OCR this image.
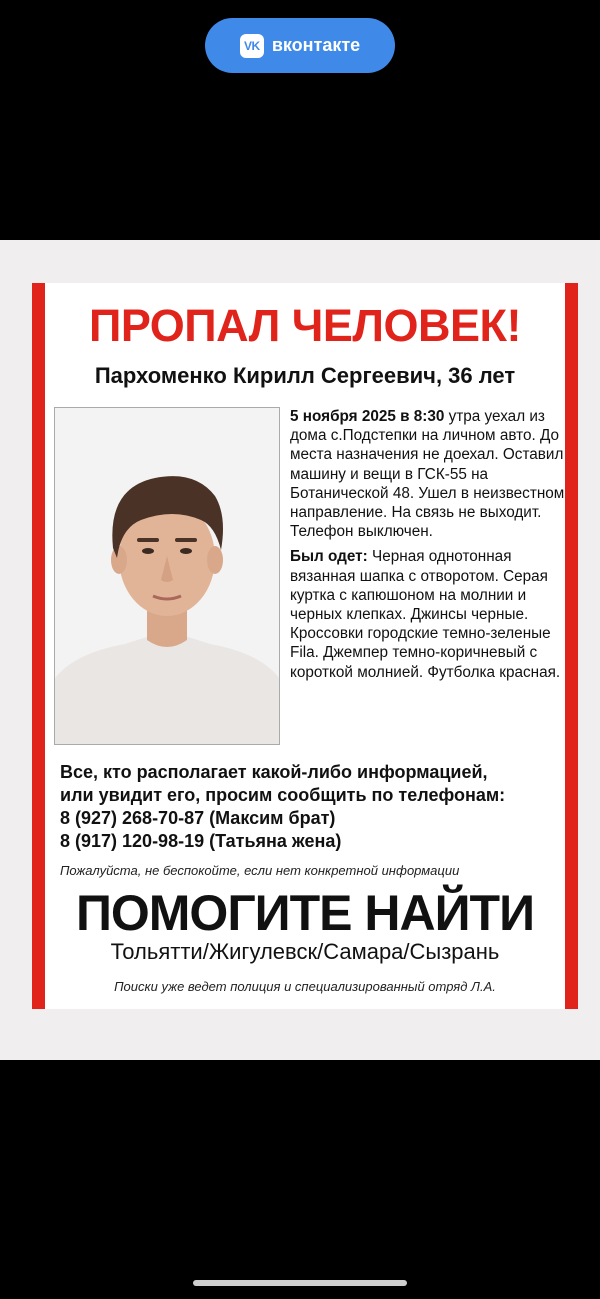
VK вконтакте
ПРОПАЛ ЧЕЛОВЕК!
Пархоменко Кирилл Сергеевич, 36 лет

5 ноября 2025 в 8:30 утра уехал из дома с.Подстепки на личном авто. До места назначения не доехал. Оставил машину и вещи в ГСК-55 на Ботанической 48. Ушел в неизвестном направление. На связь не выходит. Телефон выключен.

Был одет: Черная однотонная вязанная шапка с отворотом. Серая куртка с капюшоном на молнии и черных клепках. Джинсы черные. Кроссовки городские темно-зеленые Fila. Джемпер темно-коричневый с короткой молнией. Футболка красная.

Все, кто располагает какой-либо информацией,
или увидит его, просим сообщить по телефонам:
8 (927) 268-70-87 (Максим брат)
8 (917) 120-98-19 (Татьяна жена)
Пожалуйста, не беспокойте, если нет конкретной информации
ПОМОГИТЕ НАЙТИ
Тольятти/Жигулевск/Самара/Сызрань
Поиски уже ведет полиция и специализированный отряд Л.А.
